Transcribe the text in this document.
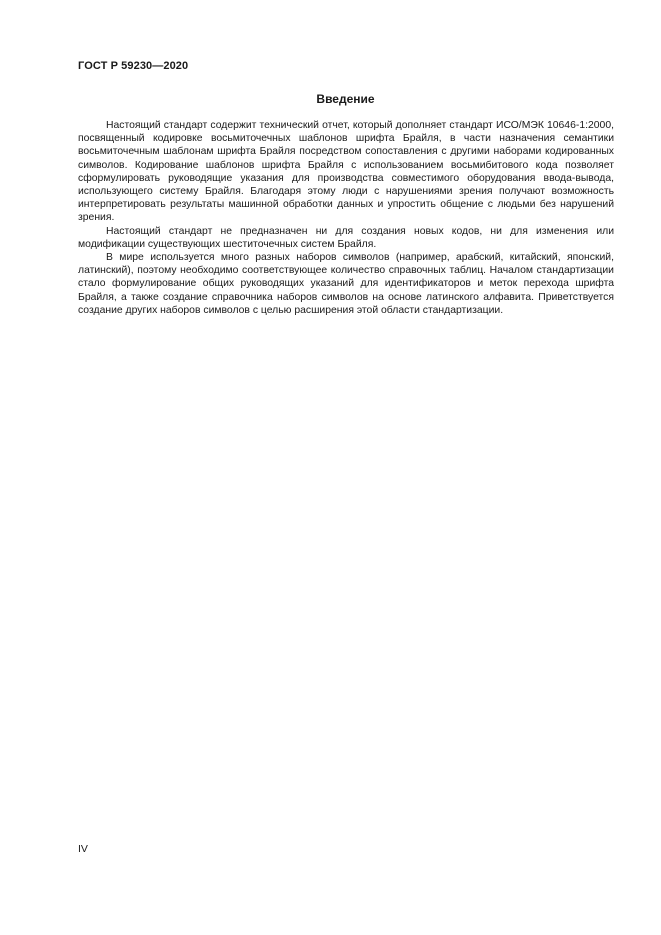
ГОСТ Р 59230—2020
Введение

Настоящий стандарт содержит технический отчет, который дополняет стандарт ИСО/МЭК 10646-1:2000, посвященный кодировке восьмиточечных шаблонов шрифта Брайля, в части назначения семантики восьмиточечным шаблонам шрифта Брайля посредством сопоставления с другими наборами кодированных символов. Кодирование шаблонов шрифта Брайля с использованием восьмибитового кода позволяет сформулировать руководящие указания для производства совместимого оборудования ввода-вывода, использующего систему Брайля. Благодаря этому люди с нарушениями зрения получают возможность интерпретировать результаты машинной обработки данных и упростить общение с людьми без нарушений зрения.

Настоящий стандарт не предназначен ни для создания новых кодов, ни для изменения или модификации существующих шеститочечных систем Брайля.

В мире используется много разных наборов символов (например, арабский, китайский, японский, латинский), поэтому необходимо соответствующее количество справочных таблиц. Началом стандартизации стало формулирование общих руководящих указаний для идентификаторов и меток перехода шрифта Брайля, а также создание справочника наборов символов на основе латинского алфавита. Приветствуется создание других наборов символов с целью расширения этой области стандартизации.

IV
